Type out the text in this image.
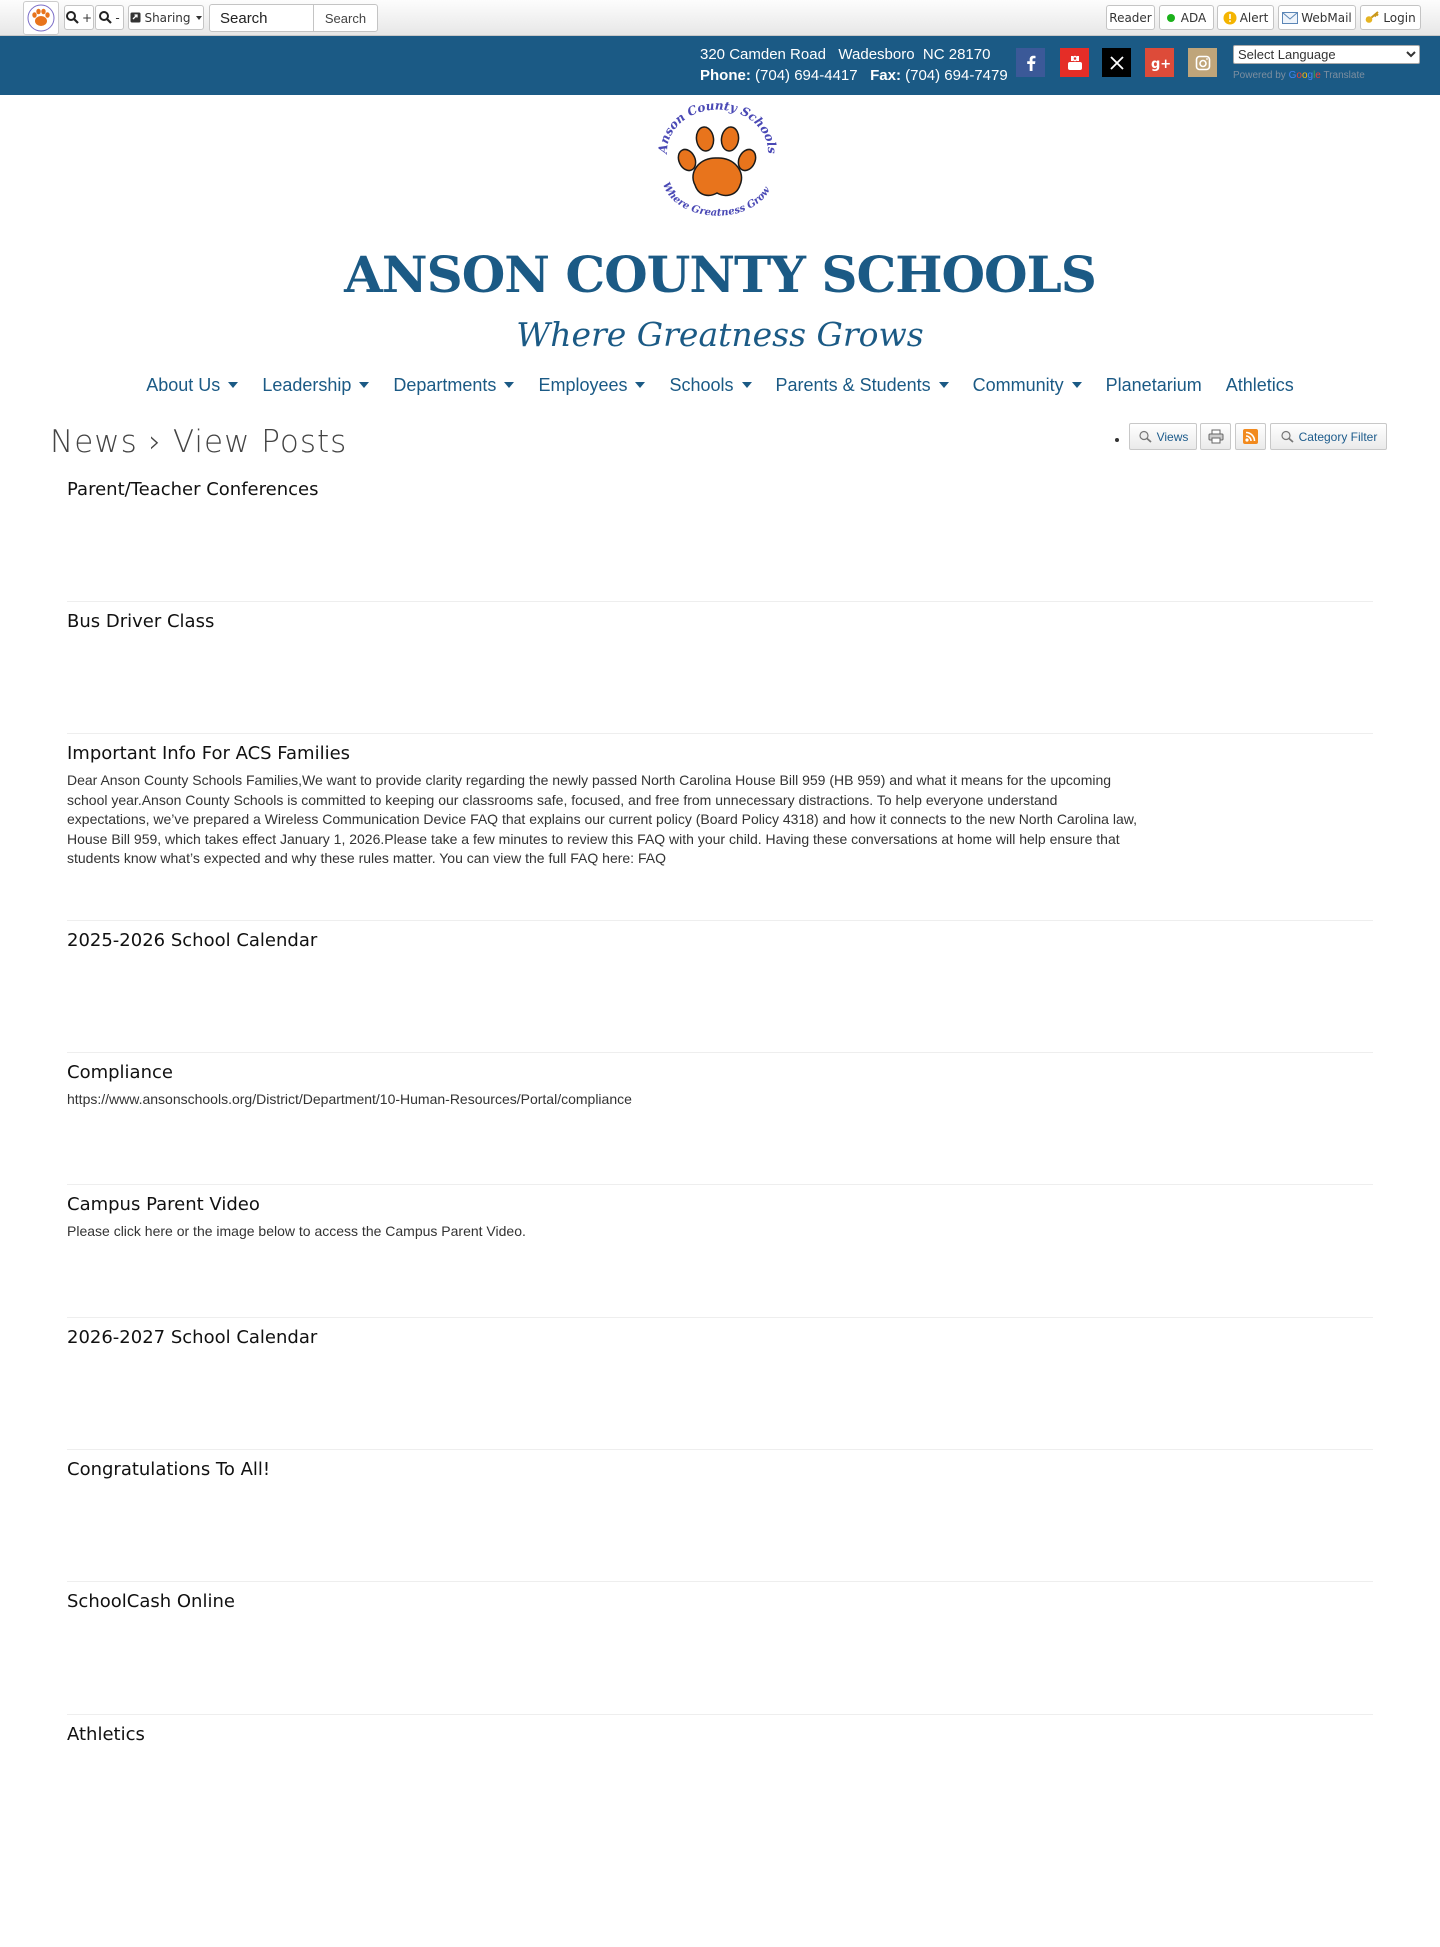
+ - Sharing
Search	Search	Reader ADA	Alert	WebMail	Login
320 Camden Road   Wadesboro  NC 28170
Phone: (704) 694-4417 Fax: (704) 694-7479
g+
Select Language
Powered by Google Translate
Anson County Schools
Where Greatness Grow
ANSON COUNTY SCHOOLS
Where Greatness Grows
About Us Leadership Departments Employees Schools Parents & Students Community Planetarium Athletics
News › View Posts	Views	Category Filter
Parent/Teacher Conferences
Bus Driver Class
Important Info For ACS Families
Dear Anson County Schools Families,We want to provide clarity regarding the newly passed North Carolina House Bill 959 (HB 959) and what it means for the upcoming school year.Anson County Schools is committed to keeping our classrooms safe, focused, and free from unnecessary distractions. To help everyone understand expectations, we’ve prepared a Wireless Communication Device FAQ that explains our current policy (Board Policy 4318) and how it connects to the new North Carolina law, House Bill 959, which takes effect January 1, 2026.Please take a few minutes to review this FAQ with your child. Having these conversations at home will help ensure that students know what’s expected and why these rules matter. You can view the full FAQ here: FAQ
2025-2026 School Calendar
Compliance
https://www.ansonschools.org/District/Department/10-Human-Resources/Portal/compliance
Campus Parent Video
Please click here or the image below to access the Campus Parent Video.
2026-2027 School Calendar
Congratulations To All!
SchoolCash Online
Athletics
